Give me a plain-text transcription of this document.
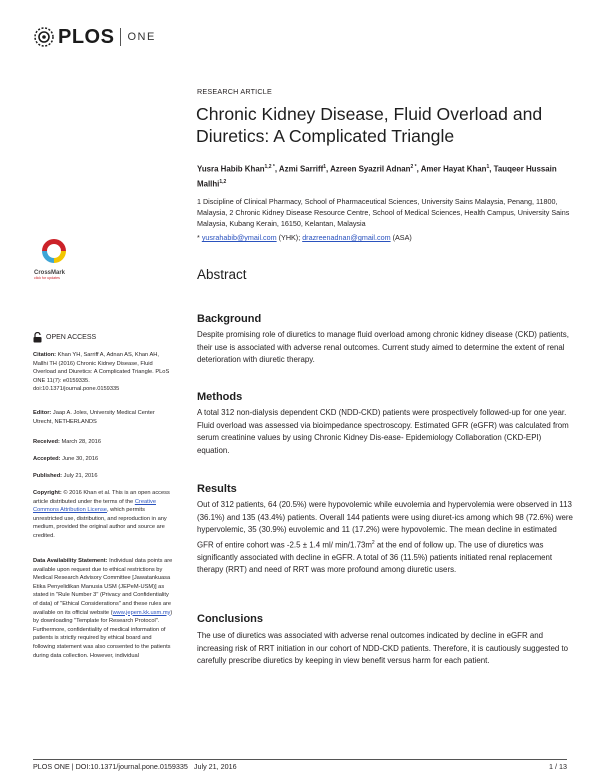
PLOS ONE
RESEARCH ARTICLE
Chronic Kidney Disease, Fluid Overload and Diuretics: A Complicated Triangle
Yusra Habib Khan$^{1,2 *}$, Azmi Sarriff$^1$, Azreen Syazril Adnan$^{2 *}$, Amer Hayat Khan$^1$, Tauqeer Hussain Mallhi$^{1,2}$
1 Discipline of Clinical Pharmacy, School of Pharmaceutical Sciences, University Sains Malaysia, Penang, 11800, Malaysia, 2 Chronic Kidney Disease Resource Centre, School of Medical Sciences, Health Campus, University Sains Malaysia, Kubang Kerain, 16150, Kelantan, Malaysia
* yusrahabib@ymail.com (YHK); drazreenadnan@gmail.com (ASA)
Abstract
Background
Despite promising role of diuretics to manage fluid overload among chronic kidney disease (CKD) patients, their use is associated with adverse renal outcomes. Current study aimed to determine the extent of renal deterioration with diuretic therapy.
Methods
A total 312 non-dialysis dependent CKD (NDD-CKD) patients were prospectively followed-up for one year. Fluid overload was assessed via bioimpedance spectroscopy. Estimated GFR (eGFR) was calculated from serum creatinine values by using Chronic Kidney Dis-ease- Epidemiology Collaboration (CKD-EPI) equation.
Results
Out of 312 patients, 64 (20.5%) were hypovolemic while euvolemia and hypervolemia were observed in 113 (36.1%) and 135 (43.4%) patients. Overall 144 patients were using diuret-ics among which 98 (72.6%) were hypervolemic, 35 (30.9%) euvolemic and 11 (17.2%) were hypovolemic. The mean decline in estimated GFR of entire cohort was -2.5 ± 1.4 ml/ $\min/1.73m^2$ at the end of follow up. The use of diuretics was significantly associated with decline in eGFR. A total of 36 (11.5%) patients initiated renal replacement therapy (RRT) and need of RRT was more profound among diuretic users.
Conclusions
The use of diuretics was associated with adverse renal outcomes indicated by decline in eGFR and increasing risk of RRT initiation in our cohort of NDD-CKD patients. Therefore, it is cautiously suggested to carefully prescribe diuretics by keeping in view benefit versus harm for each patient.
CrossMark
click for updates
OPEN ACCESS
Citation: Khan YH, Sarriff A, Adnan AS, Khan AH, Mallhi TH (2016) Chronic Kidney Disease, Fluid Overload and Diuretics: A Complicated Triangle. PLoS ONE 11(7): e0159335. doi:10.1371/journal.pone.0159335
Editor: Jaap A. Joles, University Medical Center Utrecht, NETHERLANDS
Received: March 28, 2016
Accepted: June 30, 2016
Published: July 21, 2016
Copyright: © 2016 Khan et al. This is an open access article distributed under the terms of the Creative Commons Attribution License, which permits unrestricted use, distribution, and reproduction in any medium, provided the original author and source are credited.
Data Availability Statement: Individual data points are available upon request due to ethical restrictions by Medical Research Advisory Committee [Jawatankuasa Etika Penyelidikan Manusia USM (JEPeM-USM)] as stated in "Rule Number 3" (Privacy and Confidentiality of data) of "Ethical Considerations" and these rules are available on its official website (www.jepem.kk.usm.my) by downloading "Template for Research Protocol". Furthermore, confidentiality of medical information of patients is strictly required by ethical board and following statement was also consented to the patients during data collection. However, individual
PLOS ONE | DOI:10.1371/journal.pone.0159335   July 21, 2016	1 / 13
